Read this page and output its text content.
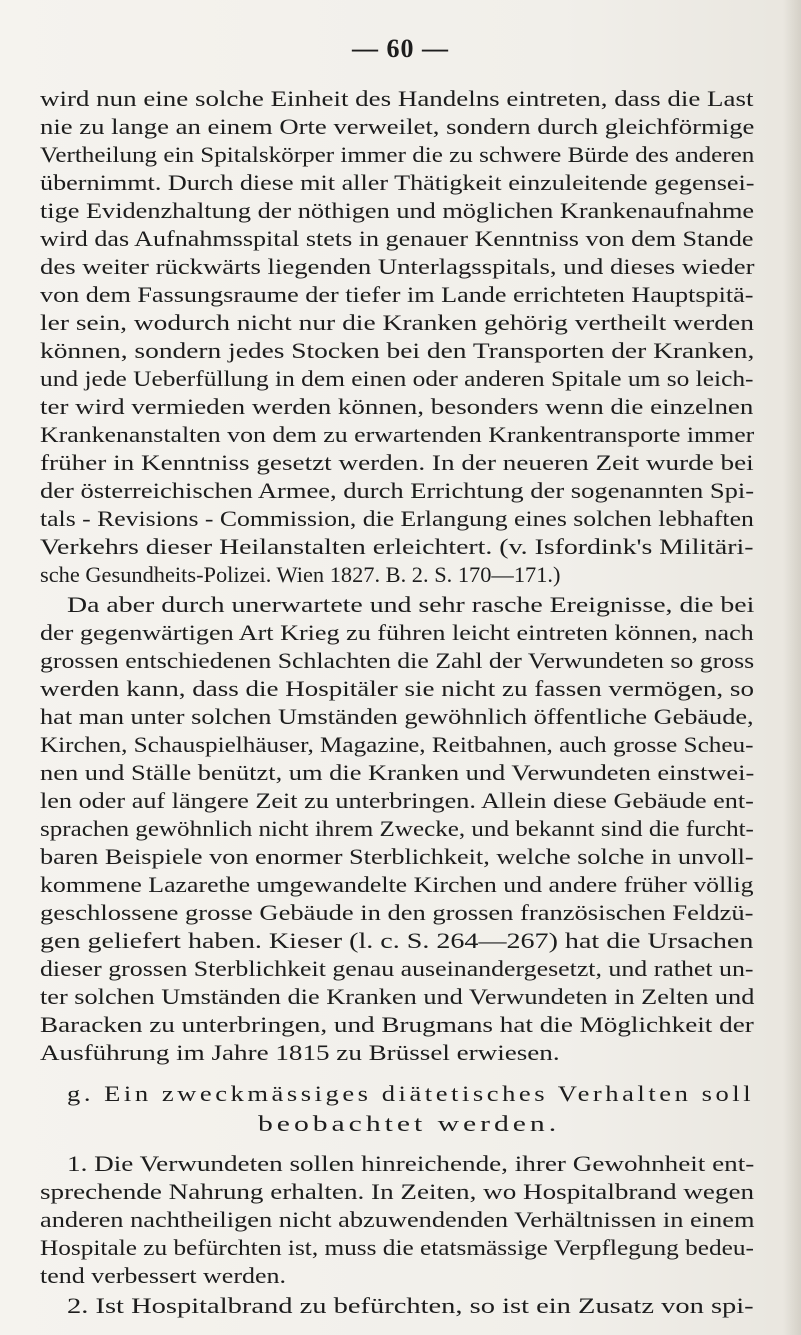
— 60 —
wird nun eine solche Einheit des Handelns eintreten, dass die Last
nie zu lange an einem Orte verweilet, sondern durch gleichförmige
Vertheilung ein Spitalskörper immer die zu schwere Bürde des anderen
übernimmt. Durch diese mit aller Thätigkeit einzuleitende gegensei-
tige Evidenzhaltung der nöthigen und möglichen Krankenaufnahme
wird das Aufnahmsspital stets in genauer Kenntniss von dem Stande
des weiter rückwärts liegenden Unterlagsspitals, und dieses wieder
von dem Fassungsraume der tiefer im Lande errichteten Hauptspitä-
ler sein, wodurch nicht nur die Kranken gehörig vertheilt werden
können, sondern jedes Stocken bei den Transporten der Kranken,
und jede Ueberfüllung in dem einen oder anderen Spitale um so leich-
ter wird vermieden werden können, besonders wenn die einzelnen
Krankenanstalten von dem zu erwartenden Krankentransporte immer
früher in Kenntniss gesetzt werden. In der neueren Zeit wurde bei
der österreichischen Armee, durch Errichtung der sogenannten Spi-
tals - Revisions - Commission, die Erlangung eines solchen lebhaften
Verkehrs dieser Heilanstalten erleichtert. (v. Isfordink's Militäri-
sche Gesundheits-Polizei. Wien 1827. B. 2. S. 170—171.)
Da aber durch unerwartete und sehr rasche Ereignisse, die bei
der gegenwärtigen Art Krieg zu führen leicht eintreten können, nach
grossen entschiedenen Schlachten die Zahl der Verwundeten so gross
werden kann, dass die Hospitäler sie nicht zu fassen vermögen, so
hat man unter solchen Umständen gewöhnlich öffentliche Gebäude,
Kirchen, Schauspielhäuser, Magazine, Reitbahnen, auch grosse Scheu-
nen und Ställe benützt, um die Kranken und Verwundeten einstwei-
len oder auf längere Zeit zu unterbringen. Allein diese Gebäude ent-
sprachen gewöhnlich nicht ihrem Zwecke, und bekannt sind die furcht-
baren Beispiele von enormer Sterblichkeit, welche solche in unvoll-
kommene Lazarethe umgewandelte Kirchen und andere früher völlig
geschlossene grosse Gebäude in den grossen französischen Feldzü-
gen geliefert haben. Kieser (l. c. S. 264—267) hat die Ursachen
dieser grossen Sterblichkeit genau auseinandergesetzt, und rathet un-
ter solchen Umständen die Kranken und Verwundeten in Zelten und
Baracken zu unterbringen, und Brugmans hat die Möglichkeit der
Ausführung im Jahre 1815 zu Brüssel erwiesen.
g. Ein zweckmässiges diätetisches Verhalten soll
beobachtet werden.
1. Die Verwundeten sollen hinreichende, ihrer Gewohnheit ent-
sprechende Nahrung erhalten. In Zeiten, wo Hospitalbrand wegen
anderen nachtheiligen nicht abzuwendenden Verhältnissen in einem
Hospitale zu befürchten ist, muss die etatsmässige Verpflegung bedeu-
tend verbessert werden.
2. Ist Hospitalbrand zu befürchten, so ist ein Zusatz von spi-
